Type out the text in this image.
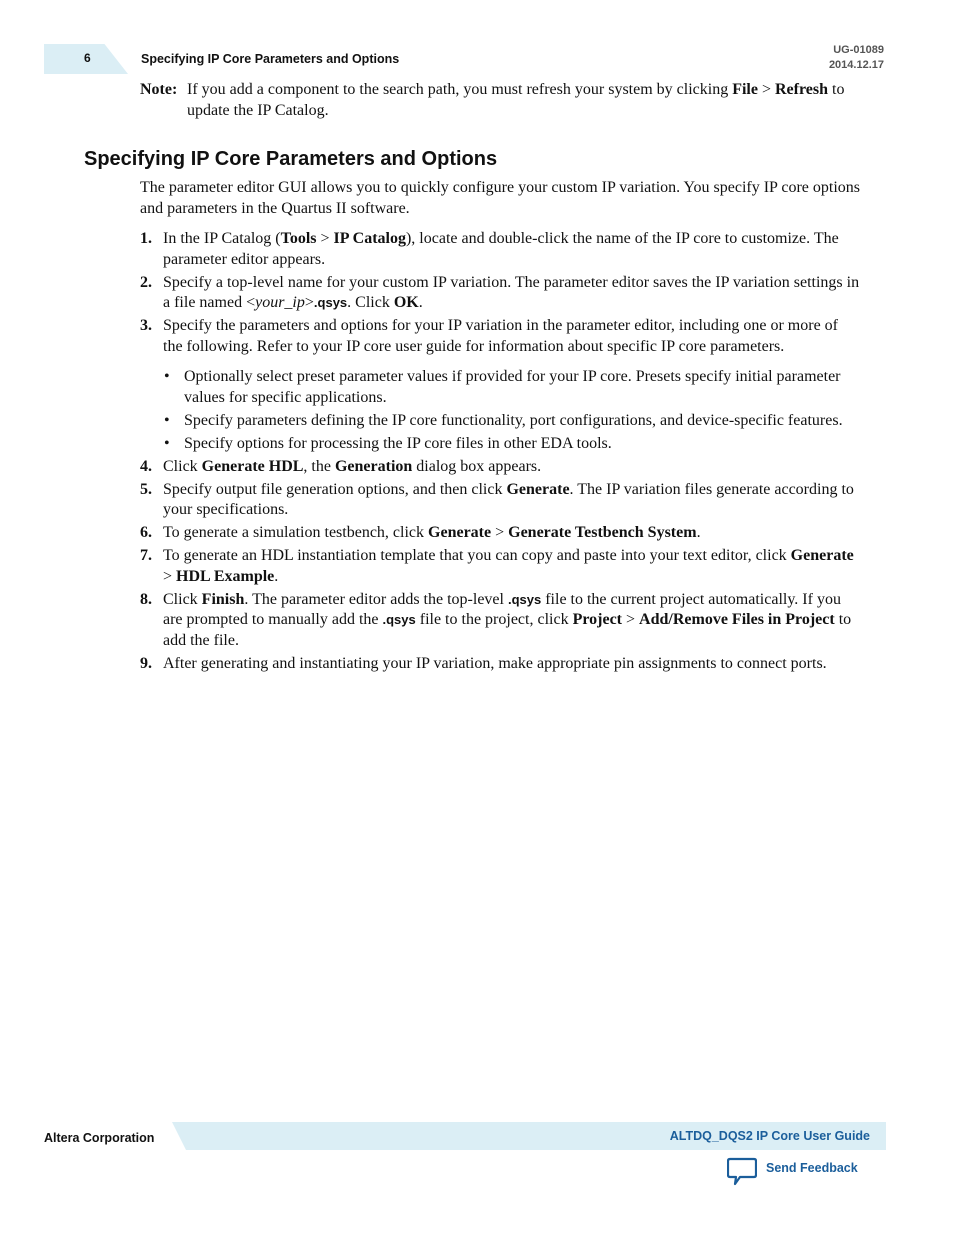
6	Specifying IP Core Parameters and Options
UG-01089
2014.12.17
Note: If you add a component to the search path, you must refresh your system by clicking File > Refresh to update the IP Catalog.
Specifying IP Core Parameters and Options

The parameter editor GUI allows you to quickly configure your custom IP variation. You specify IP core options and parameters in the Quartus II software.

1. In the IP Catalog (Tools > IP Catalog), locate and double-click the name of the IP core to customize. The parameter editor appears.
2. Specify a top-level name for your custom IP variation. The parameter editor saves the IP variation settings in a file named <your_ip>.qsys. Click OK.
3. Specify the parameters and options for your IP variation in the parameter editor, including one or more of the following. Refer to your IP core user guide for information about specific IP core parameters.
• Optionally select preset parameter values if provided for your IP core. Presets specify initial parameter values for specific applications.
• Specify parameters defining the IP core functionality, port configurations, and device-specific features.
• Specify options for processing the IP core files in other EDA tools.
4. Click Generate HDL, the Generation dialog box appears.
5. Specify output file generation options, and then click Generate. The IP variation files generate according to your specifications.
6. To generate a simulation testbench, click Generate > Generate Testbench System.
7. To generate an HDL instantiation template that you can copy and paste into your text editor, click Generate > HDL Example.
8. Click Finish. The parameter editor adds the top-level .qsys file to the current project automatically. If you are prompted to manually add the .qsys file to the project, click Project > Add/Remove Files in Project to add the file.
9. After generating and instantiating your IP variation, make appropriate pin assignments to connect ports.
Altera Corporation	ALTDQ_DQS2 IP Core User Guide
Send Feedback
